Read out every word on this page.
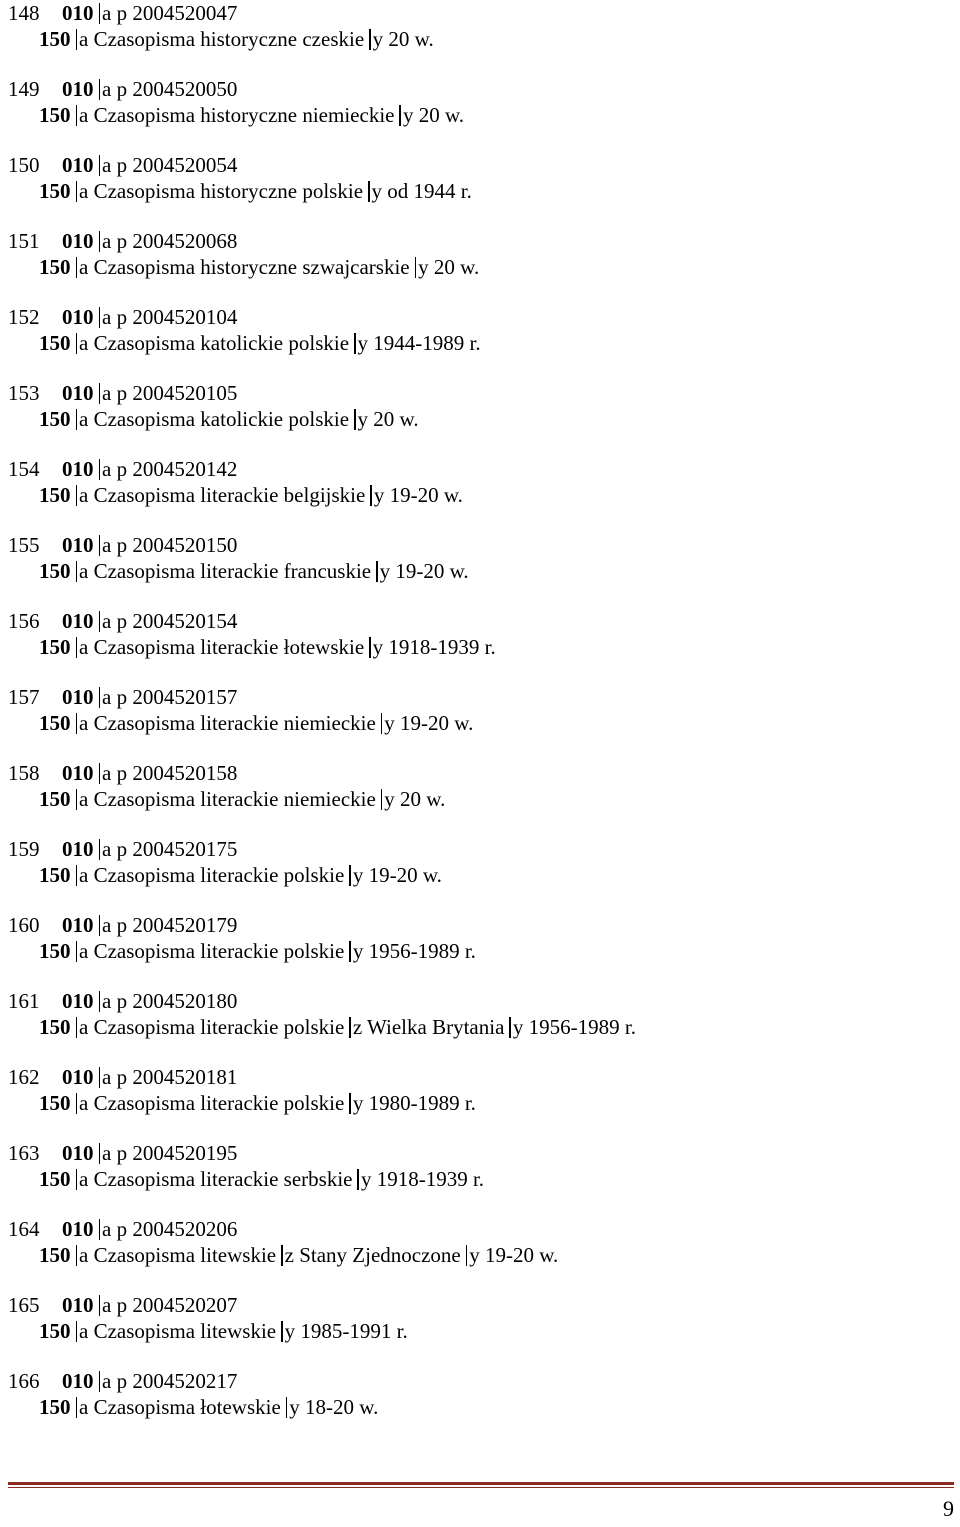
148 010 a p 2004520047
150 a Czasopisma historyczne czeskie y 20 w.
149 010 a p 2004520050
150 a Czasopisma historyczne niemieckie y 20 w.
150 010 a p 2004520054
150 a Czasopisma historyczne polskie y od 1944 r.
151 010 a p 2004520068
150 a Czasopisma historyczne szwajcarskie y 20 w.
152 010 a p 2004520104
150 a Czasopisma katolickie polskie y 1944-1989 r.
153 010 a p 2004520105
150 a Czasopisma katolickie polskie y 20 w.
154 010 a p 2004520142
150 a Czasopisma literackie belgijskie y 19-20 w.
155 010 a p 2004520150
150 a Czasopisma literackie francuskie y 19-20 w.
156 010 a p 2004520154
150 a Czasopisma literackie łotewskie y 1918-1939 r.
157 010 a p 2004520157
150 a Czasopisma literackie niemieckie y 19-20 w.
158 010 a p 2004520158
150 a Czasopisma literackie niemieckie y 20 w.
159 010 a p 2004520175
150 a Czasopisma literackie polskie y 19-20 w.
160 010 a p 2004520179
150 a Czasopisma literackie polskie y 1956-1989 r.
161 010 a p 2004520180
150 a Czasopisma literackie polskie z Wielka Brytania y 1956-1989 r.
162 010 a p 2004520181
150 a Czasopisma literackie polskie y 1980-1989 r.
163 010 a p 2004520195
150 a Czasopisma literackie serbskie y 1918-1939 r.
164 010 a p 2004520206
150 a Czasopisma litewskie z Stany Zjednoczone y 19-20 w.
165 010 a p 2004520207
150 a Czasopisma litewskie y 1985-1991 r.
166 010 a p 2004520217
150 a Czasopisma łotewskie y 18-20 w.
9
